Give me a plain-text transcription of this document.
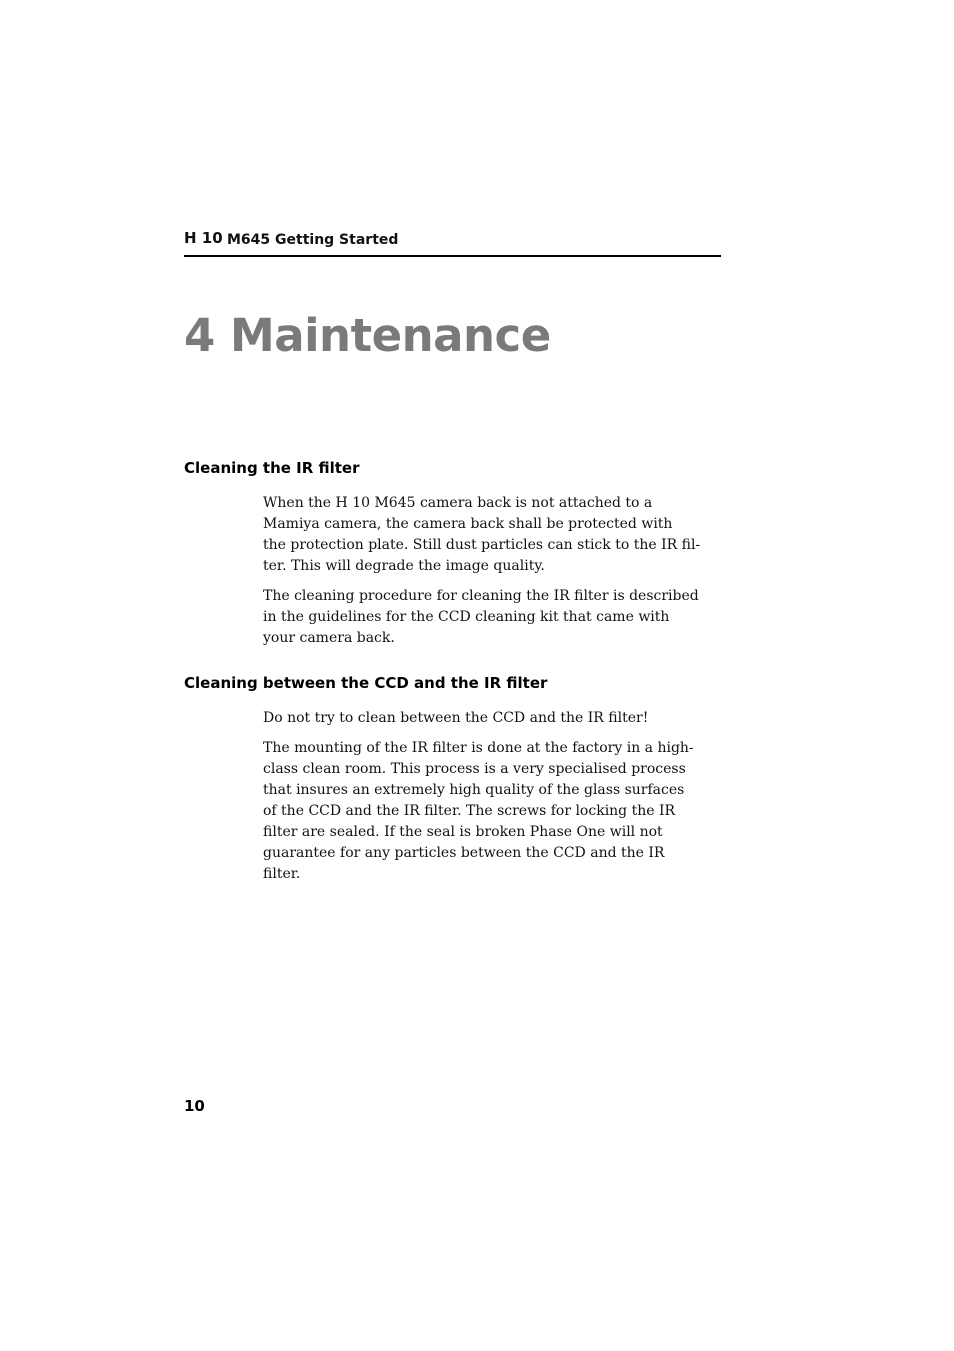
H 10 M645 Getting Started
4 Maintenance
Cleaning the IR filter

When the H 10 M645 camera back is not attached to a
Mamiya camera, the camera back shall be protected with
the protection plate. Still dust particles can stick to the IR fil-
ter. This will degrade the image quality.

The cleaning procedure for cleaning the IR filter is described
in the guidelines for the CCD cleaning kit that came with
your camera back.

Cleaning between the CCD and the IR filter

Do not try to clean between the CCD and the IR filter!

The mounting of the IR filter is done at the factory in a high-
class clean room. This process is a very specialised process
that insures an extremely high quality of the glass surfaces
of the CCD and the IR filter. The screws for locking the IR
filter are sealed. If the seal is broken Phase One will not
guarantee for any particles between the CCD and the IR
filter.

10
